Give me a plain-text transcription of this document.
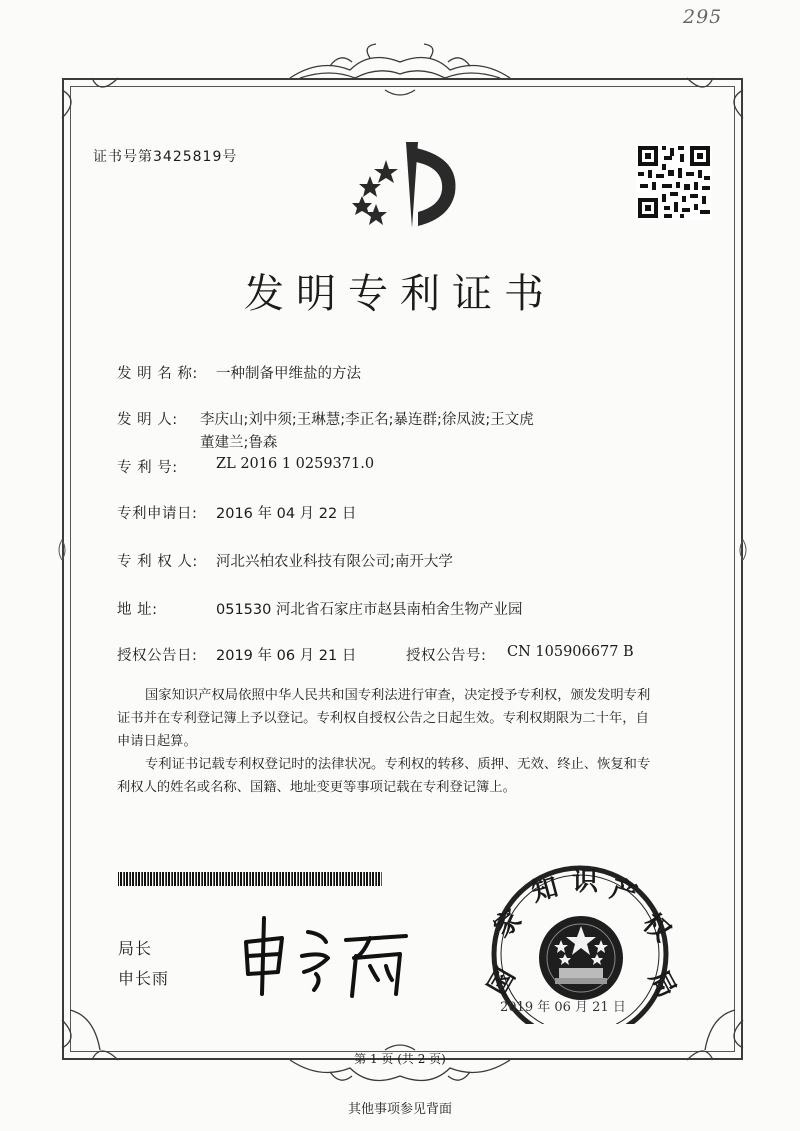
295
证书号第3425819号
发明专利证书
发 明 名 称: 一种制备甲维盐的方法
发 明 人: 李庆山;刘中须;王琳慧;李正名;暴连群;徐凤波;王文虎
董建兰;鲁森
专 利 号:	ZL 2016 1 0259371.0
专利申请日: 2016 年 04 月 22 日
专 利 权 人: 河北兴柏农业科技有限公司;南开大学
地 址:	051530 河北省石家庄市赵县南柏舍生物产业园
授权公告日: 2019 年 06 月 21 日	授权公告号: CN 105906677 B
国家知识产权局依照中华人民共和国专利法进行审查，决定授予专利权，颁发发明专利
证书并在专利登记簿上予以登记。专利权自授权公告之日起生效。专利权期限为二十年，自
申请日起算。
专利证书记载专利权登记时的法律状况。专利权的转移、质押、无效、终止、恢复和专
利权人的姓名或名称、国籍、地址变更等事项记载在专利登记簿上。
局长
申长雨	国
家
知 识 产
权
局
2019 年 06 月 21 日
第 1 页 (共 2 页)
其他事项参见背面
